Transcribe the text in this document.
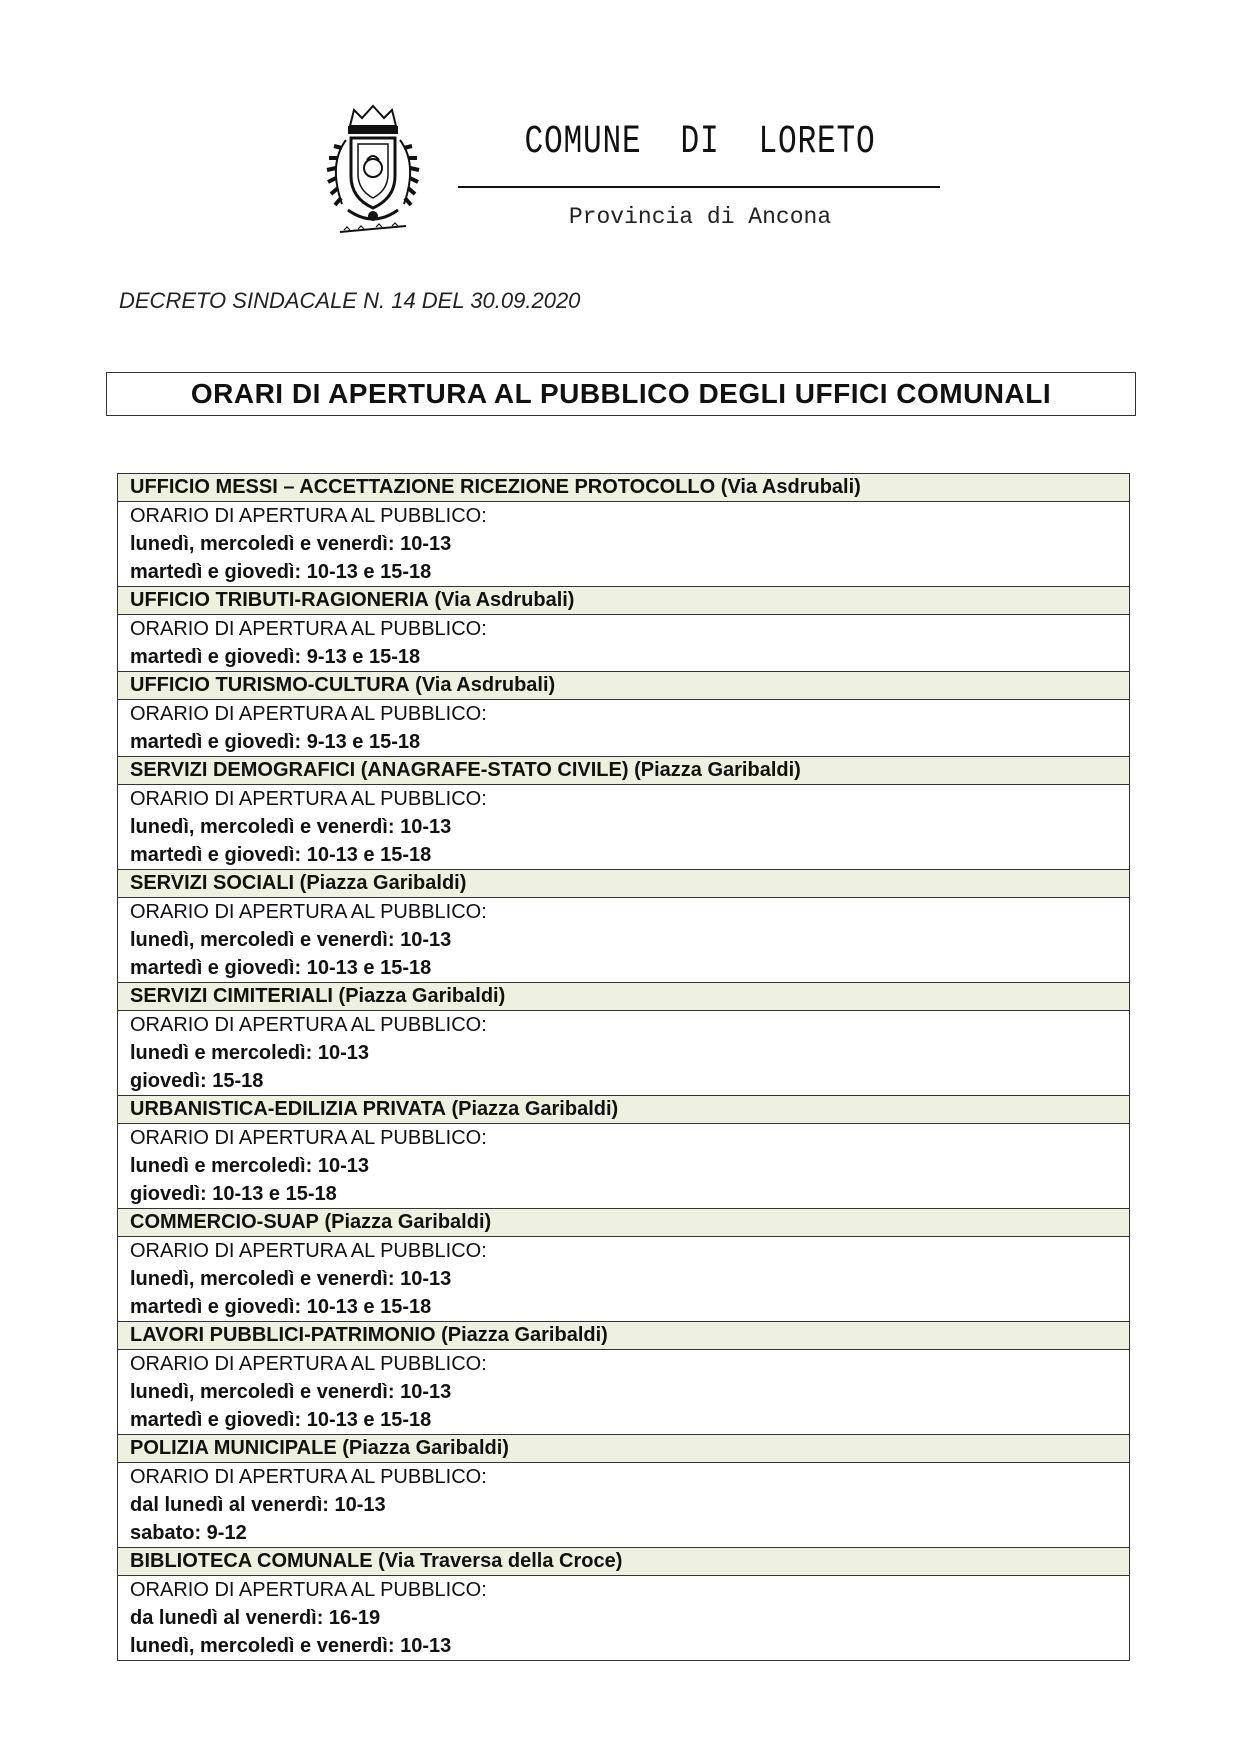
COMUNE  DI  LORETO
Provincia di Ancona
DECRETO SINDACALE N. 14 DEL 30.09.2020
ORARI DI APERTURA AL PUBBLICO DEGLI UFFICI COMUNALI
UFFICIO MESSI – ACCETTAZIONE RICEZIONE PROTOCOLLO (Via Asdrubali)
ORARIO DI APERTURA AL PUBBLICO:
lunedì, mercoledì e venerdì: 10-13
martedì e giovedì: 10-13 e 15-18
UFFICIO TRIBUTI-RAGIONERIA (Via Asdrubali)
ORARIO DI APERTURA AL PUBBLICO:
martedì e giovedì: 9-13 e 15-18
UFFICIO TURISMO-CULTURA (Via Asdrubali)
ORARIO DI APERTURA AL PUBBLICO:
martedì e giovedì: 9-13 e 15-18
SERVIZI DEMOGRAFICI (ANAGRAFE-STATO CIVILE) (Piazza Garibaldi)
ORARIO DI APERTURA AL PUBBLICO:
lunedì, mercoledì e venerdì: 10-13
martedì e giovedì: 10-13 e 15-18
SERVIZI SOCIALI (Piazza Garibaldi)
ORARIO DI APERTURA AL PUBBLICO:
lunedì, mercoledì e venerdì: 10-13
martedì e giovedì: 10-13 e 15-18
SERVIZI CIMITERIALI (Piazza Garibaldi)
ORARIO DI APERTURA AL PUBBLICO:
lunedì e mercoledì: 10-13
giovedì: 15-18
URBANISTICA-EDILIZIA PRIVATA (Piazza Garibaldi)
ORARIO DI APERTURA AL PUBBLICO:
lunedì e mercoledì: 10-13
giovedì: 10-13 e 15-18
COMMERCIO-SUAP (Piazza Garibaldi)
ORARIO DI APERTURA AL PUBBLICO:
lunedì, mercoledì e venerdì: 10-13
martedì e giovedì: 10-13 e 15-18
LAVORI PUBBLICI-PATRIMONIO (Piazza Garibaldi)
ORARIO DI APERTURA AL PUBBLICO:
lunedì, mercoledì e venerdì: 10-13
martedì e giovedì: 10-13 e 15-18
POLIZIA MUNICIPALE (Piazza Garibaldi)
ORARIO DI APERTURA AL PUBBLICO:
dal lunedì al venerdì: 10-13
sabato: 9-12
BIBLIOTECA COMUNALE (Via Traversa della Croce)
ORARIO DI APERTURA AL PUBBLICO:
da lunedì al venerdì: 16-19
lunedì, mercoledì e venerdì: 10-13
